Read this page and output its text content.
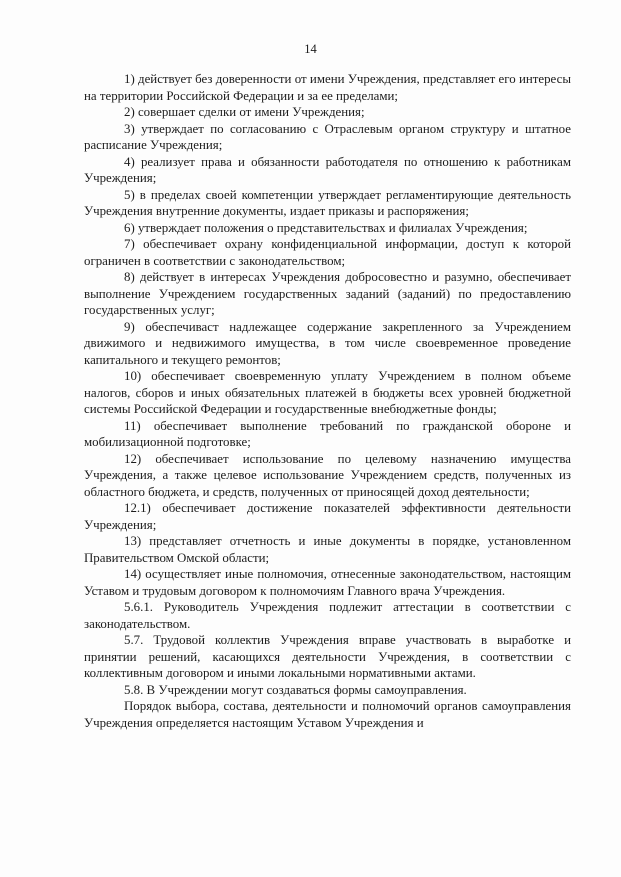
14

1) действует без доверенности от имени Учреждения, представляет его интересы на территории Российской Федерации и за ее пределами;

2) совершает сделки от имени Учреждения;

3) утверждает по согласованию с Отраслевым органом структуру и штатное расписание Учреждения;

4) реализует права и обязанности работодателя по отношению к работникам Учреждения;

5) в пределах своей компетенции утверждает регламентирующие деятельность Учреждения внутренние документы, издает приказы и распоряжения;

6) утверждает положения о представительствах и филиалах Учреждения;

7) обеспечивает охрану конфиденциальной информации, доступ к которой ограничен в соответствии с законодательством;

8) действует в интересах Учреждения добросовестно и разумно, обеспечивает выполнение Учреждением государственных заданий (заданий) по предоставлению государственных услуг;

9) обеспечиваст надлежащее содержание закрепленного за Учреждением движимого и недвижимого имущества, в том числе своевременное проведение капитального и текущего ремонтов;

10) обеспечивает своевременную уплату Учреждением в полном объеме налогов, сборов и иных обязательных платежей в бюджеты всех уровней бюджетной системы Российской Федерации и государственные внебюджетные фонды;

11) обеспечивает выполнение требований по гражданской обороне и мобилизационной подготовке;

12) обеспечивает использование по целевому назначению имущества Учреждения, а также целевое использование Учреждением средств, полученных из областного бюджета, и средств, полученных от приносящей доход деятельности;

12.1) обеспечивает достижение показателей эффективности деятельности Учреждения;

13) представляет отчетность и иные документы в порядке, установленном Правительством Омской области;

14) осуществляет иные полномочия, отнесенные законодательством, настоящим Уставом и трудовым договором к полномочиям Главного врача Учреждения.

5.6.1. Руководитель Учреждения подлежит аттестации в соответствии с законодательством.

5.7. Трудовой коллектив Учреждения вправе участвовать в выработке и принятии решений, касающихся деятельности Учреждения, в соответствии с коллективным договором и иными локальными нормативными актами.

5.8. В Учреждении могут создаваться формы самоуправления.

Порядок выбора, состава, деятельности и полномочий органов самоуправления Учреждения определяется настоящим Уставом Учреждения и
